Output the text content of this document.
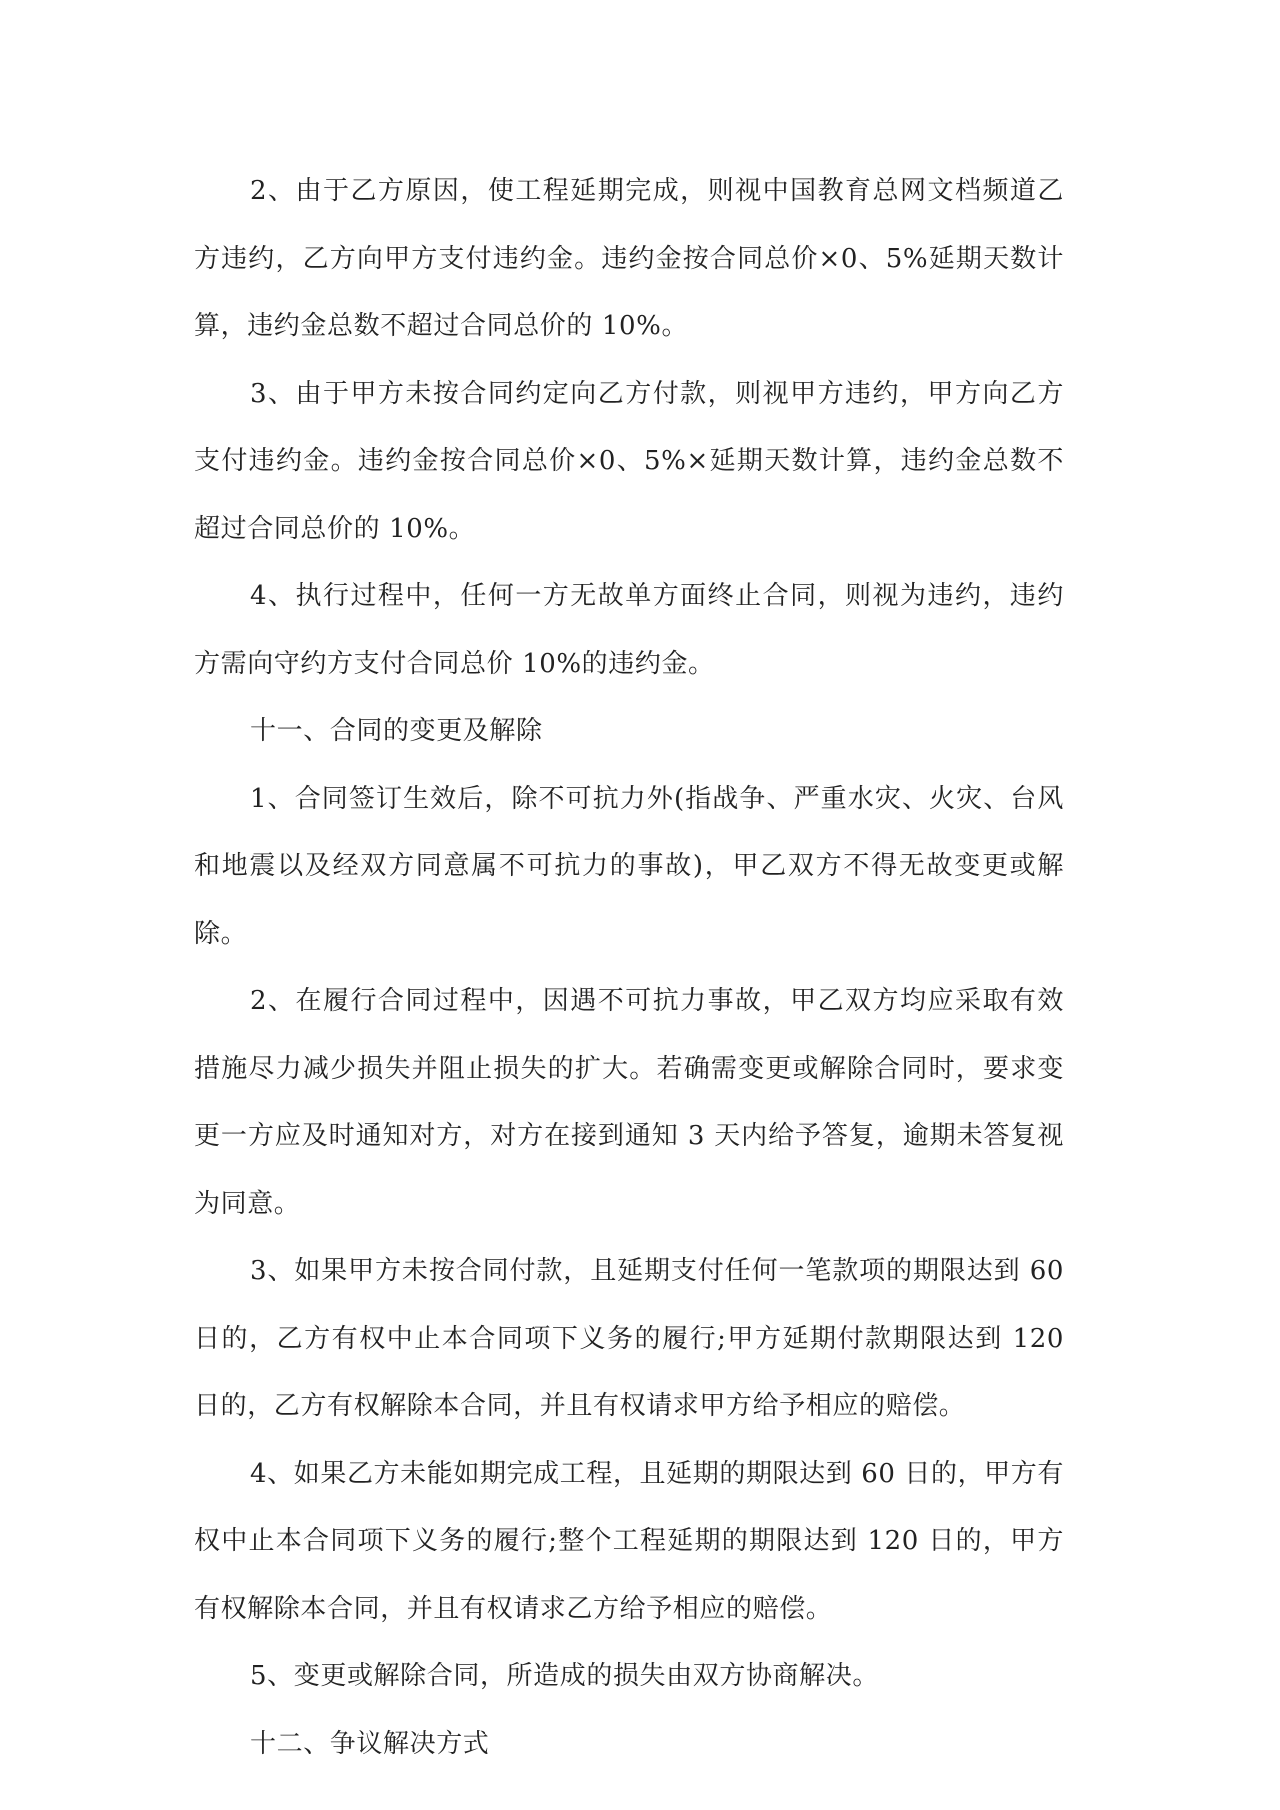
2、由于乙方原因，使工程延期完成，则视中国教育总网文档频道乙方违约，乙方向甲方支付违约金。违约金按合同总价×0、5%延期天数计算，违约金总数不超过合同总价的 10%。

3、由于甲方未按合同约定向乙方付款，则视甲方违约，甲方向乙方支付违约金。违约金按合同总价×0、5%×延期天数计算，违约金总数不超过合同总价的 10%。

4、执行过程中，任何一方无故单方面终止合同，则视为违约，违约方需向守约方支付合同总价 10%的违约金。

十一、合同的变更及解除

1、合同签订生效后，除不可抗力外(指战争、严重水灾、火灾、台风和地震以及经双方同意属不可抗力的事故)，甲乙双方不得无故变更或解除。

2、在履行合同过程中，因遇不可抗力事故，甲乙双方均应采取有效措施尽力减少损失并阻止损失的扩大。若确需变更或解除合同时，要求变更一方应及时通知对方，对方在接到通知 3 天内给予答复，逾期未答复视为同意。

3、如果甲方未按合同付款，且延期支付任何一笔款项的期限达到 60 日的，乙方有权中止本合同项下义务的履行;甲方延期付款期限达到 120 日的，乙方有权解除本合同，并且有权请求甲方给予相应的赔偿。

4、如果乙方未能如期完成工程，且延期的期限达到 60 日的，甲方有权中止本合同项下义务的履行;整个工程延期的期限达到 120 日的，甲方有权解除本合同，并且有权请求乙方给予相应的赔偿。

5、变更或解除合同，所造成的损失由双方协商解决。

十二、争议解决方式
